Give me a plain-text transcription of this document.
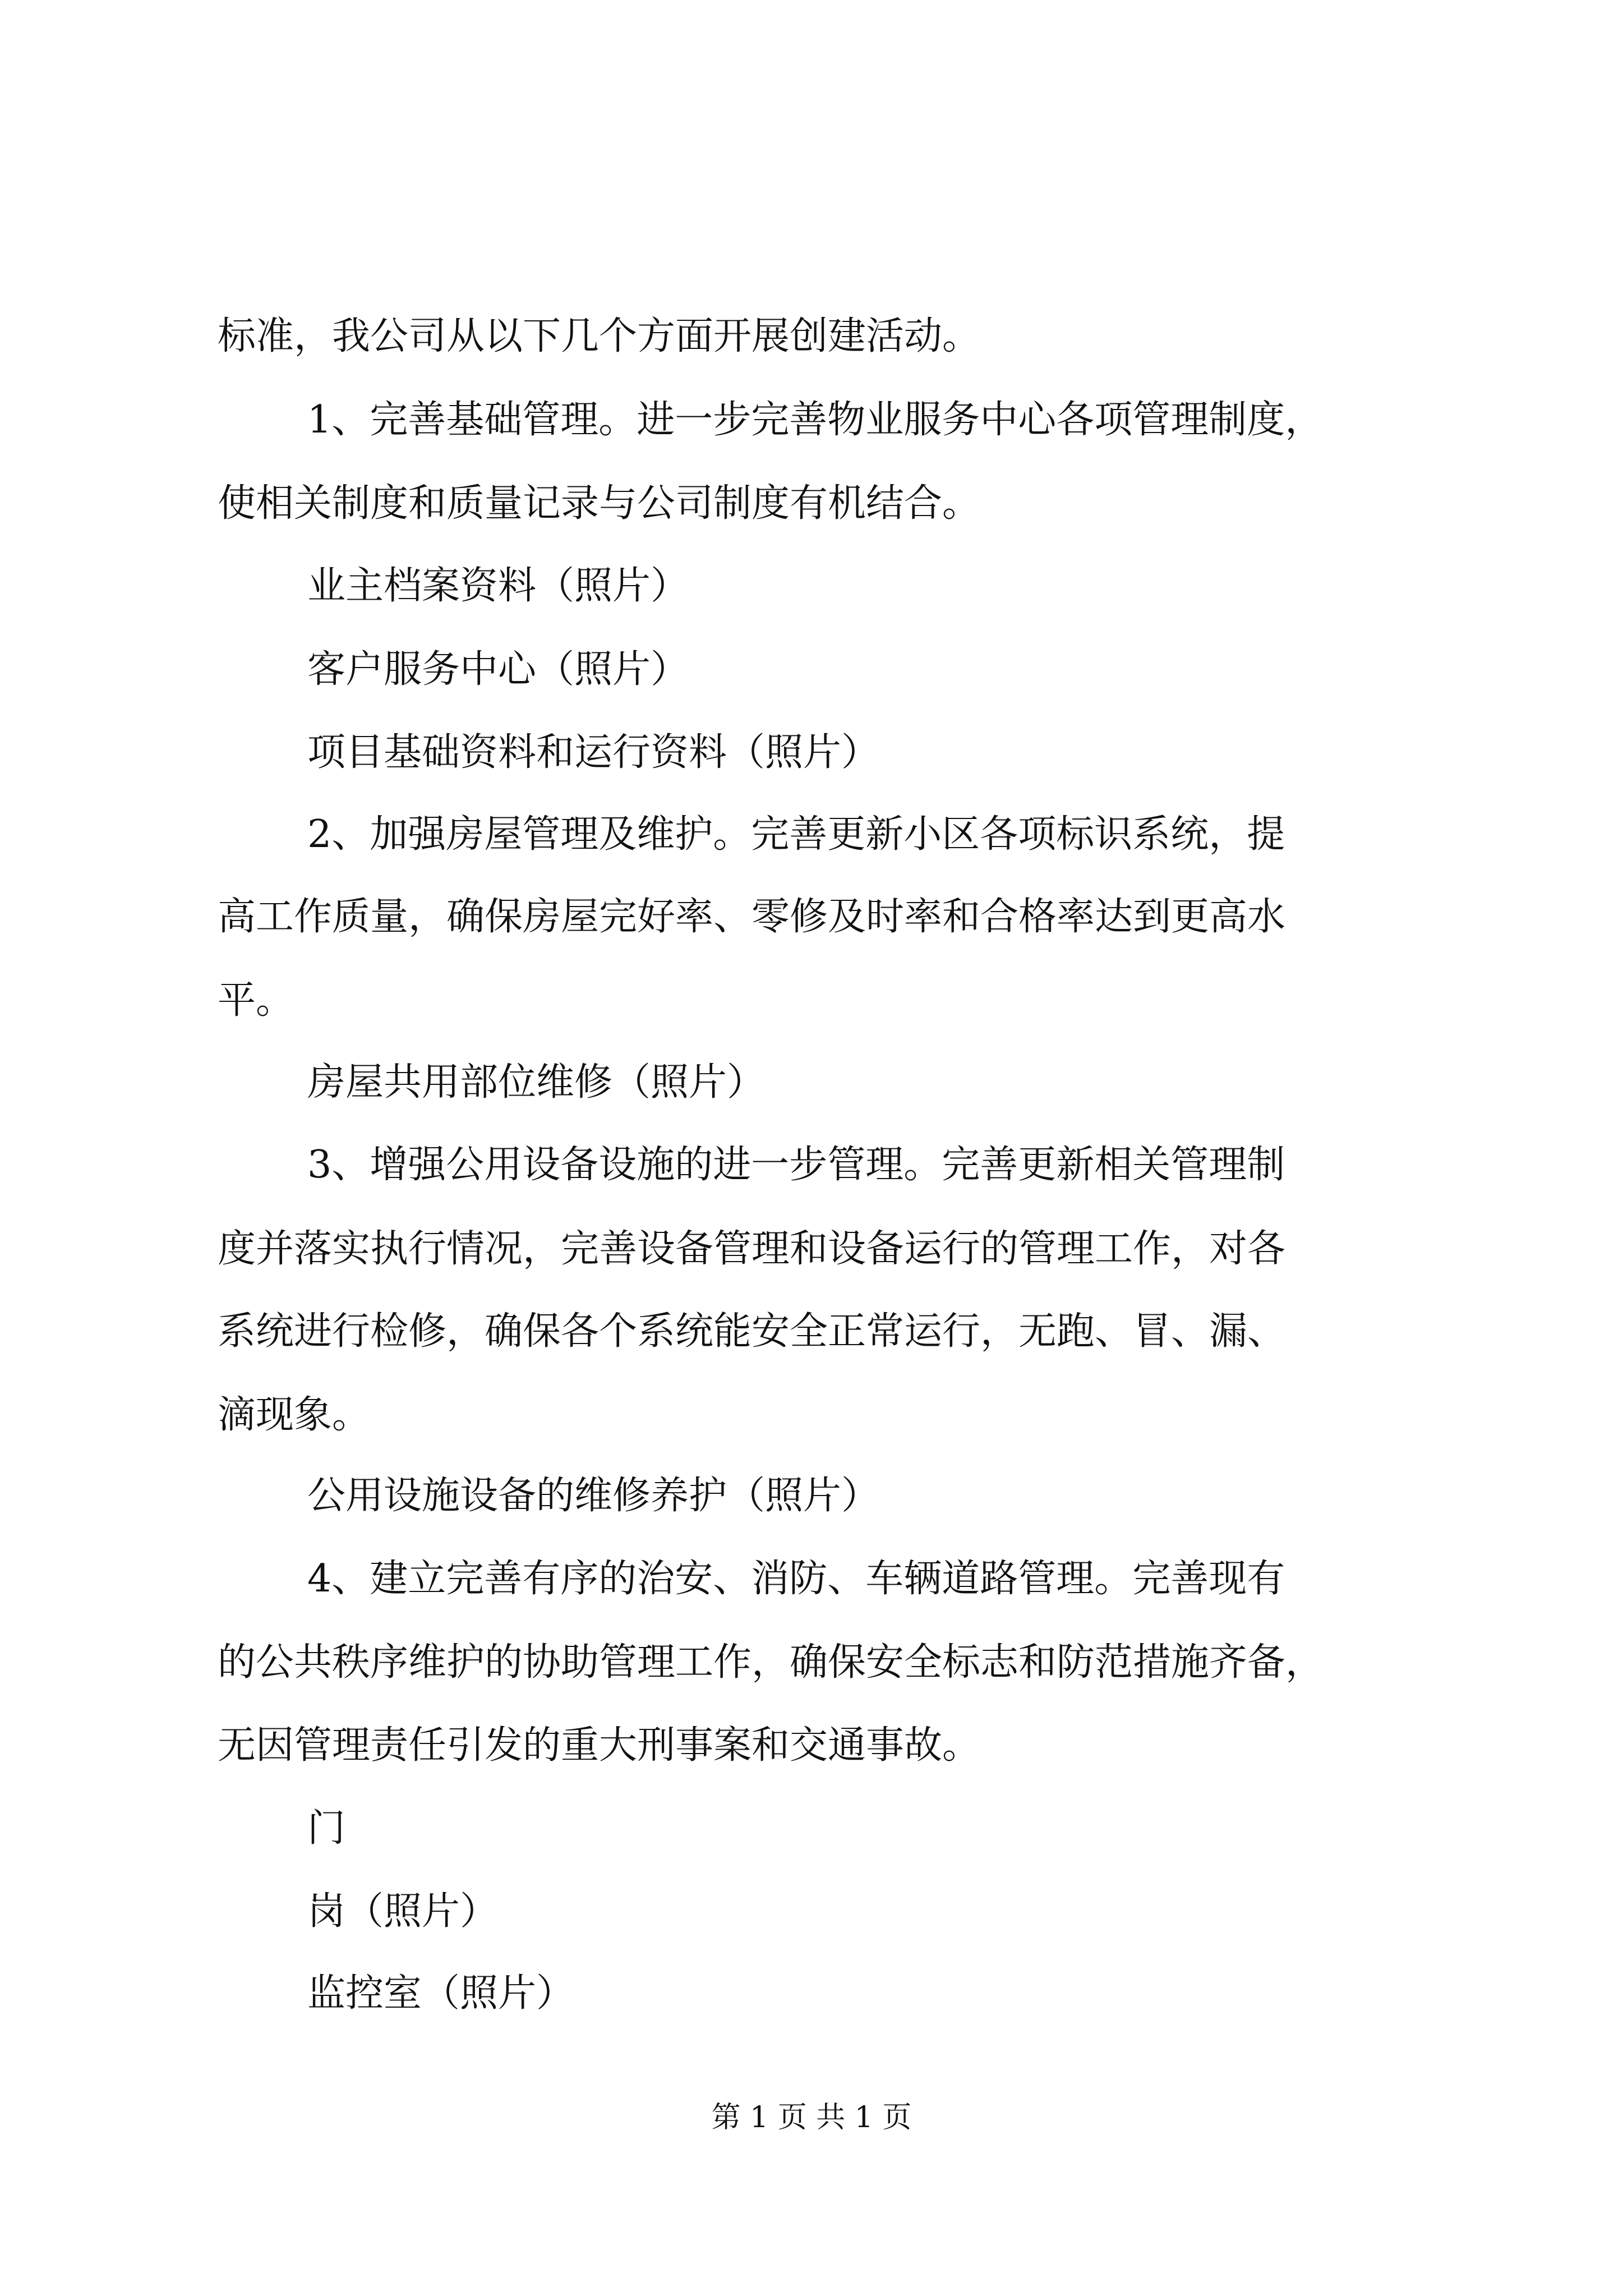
标准，我公司从以下几个方面开展创建活动。
1、完善基础管理。进一步完善物业服务中心各项管理制度，
使相关制度和质量记录与公司制度有机结合。
业主档案资料（照片）
客户服务中心（照片）
项目基础资料和运行资料（照片）
2、加强房屋管理及维护。完善更新小区各项标识系统，提
高工作质量，确保房屋完好率、零修及时率和合格率达到更高水
平。
房屋共用部位维修（照片）
3、增强公用设备设施的进一步管理。完善更新相关管理制
度并落实执行情况，完善设备管理和设备运行的管理工作，对各
系统进行检修，确保各个系统能安全正常运行，无跑、冒、漏、
滴现象。
公用设施设备的维修养护（照片）
4、建立完善有序的治安、消防、车辆道路管理。完善现有
的公共秩序维护的协助管理工作，确保安全标志和防范措施齐备，
无因管理责任引发的重大刑事案和交通事故。
门
岗（照片）
监控室（照片）
第 1 页 共 1 页
